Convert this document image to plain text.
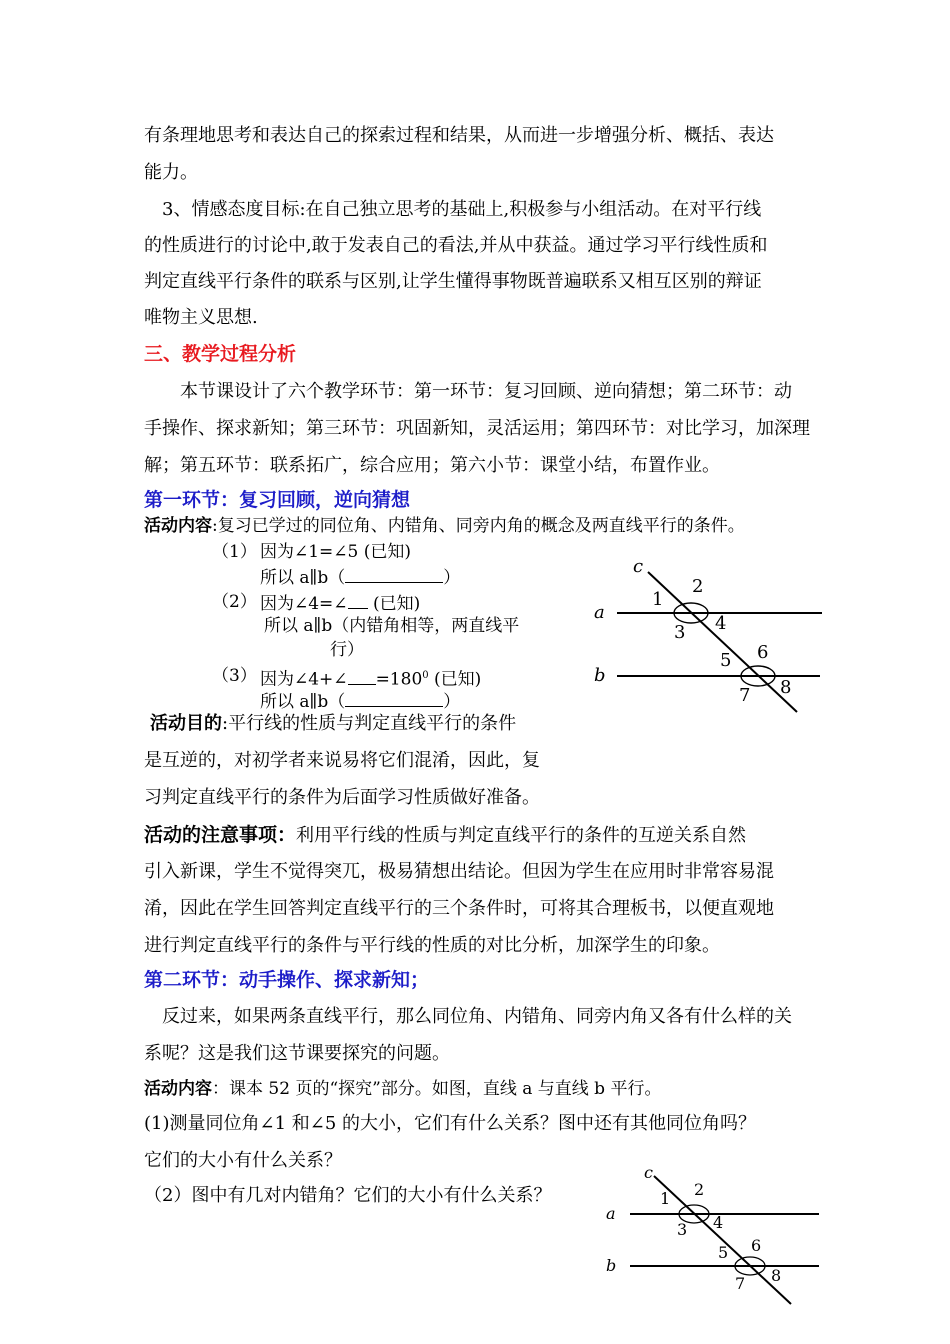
有条理地思考和表达自己的探索过程和结果，从而进一步增强分析、概括、表达
能力。
3、情感态度目标:在自己独立思考的基础上,积极参与小组活动。在对平行线
的性质进行的讨论中,敢于发表自己的看法,并从中获益。通过学习平行线性质和
判定直线平行条件的联系与区别,让学生懂得事物既普遍联系又相互区别的辩证
唯物主义思想.
三、教学过程分析
本节课设计了六个教学环节：第一环节：复习回顾、逆向猜想；第二环节：动
手操作、探求新知；第三环节：巩固新知，灵活运用；第四环节：对比学习，加深理
解；第五环节：联系拓广，综合应用；第六小节：课堂小结，布置作业。
第一环节：复习回顾，逆向猜想
活动内容:复习已学过的同位角、内错角、同旁内角的概念及两直线平行的条件。
（1） 因为∠1=∠5 (已知)
所以 a∥b（	）
（2） 因为∠4=∠ (已知)
所以 a∥b（内错角相等，两直线平
行）
（3） 因为∠4+∠ $=180^0$ (已知)
所以 a∥b（	）
活动目的:平行线的性质与判定直线平行的条件
是互逆的，对初学者来说易将它们混淆，因此，复
习判定直线平行的条件为后面学习性质做好准备。
活动的注意事项：利用平行线的性质与判定直线平行的条件的互逆关系自然
引入新课，学生不觉得突兀，极易猜想出结论。但因为学生在应用时非常容易混
淆，因此在学生回答判定直线平行的三个条件时，可将其合理板书，以便直观地
进行判定直线平行的条件与平行线的性质的对比分析，加深学生的印象。
第二环节：动手操作、探求新知；
反过来，如果两条直线平行，那么同位角、内错角、同旁内角又各有什么样的关
系呢？这是我们这节课要探究的问题。
活动内容：课本 52 页的“探究”部分。如图，直线 a 与直线 b 平行。
(1)测量同位角∠1 和∠5 的大小，它们有什么关系？图中还有其他同位角吗？
它们的大小有什么关系？
（2）图中有几对内错角？它们的大小有什么关系？
c
a
b
2
1
3 4
6
5
7 8
c
a
b
1 2
3 4
5 6
7 8
